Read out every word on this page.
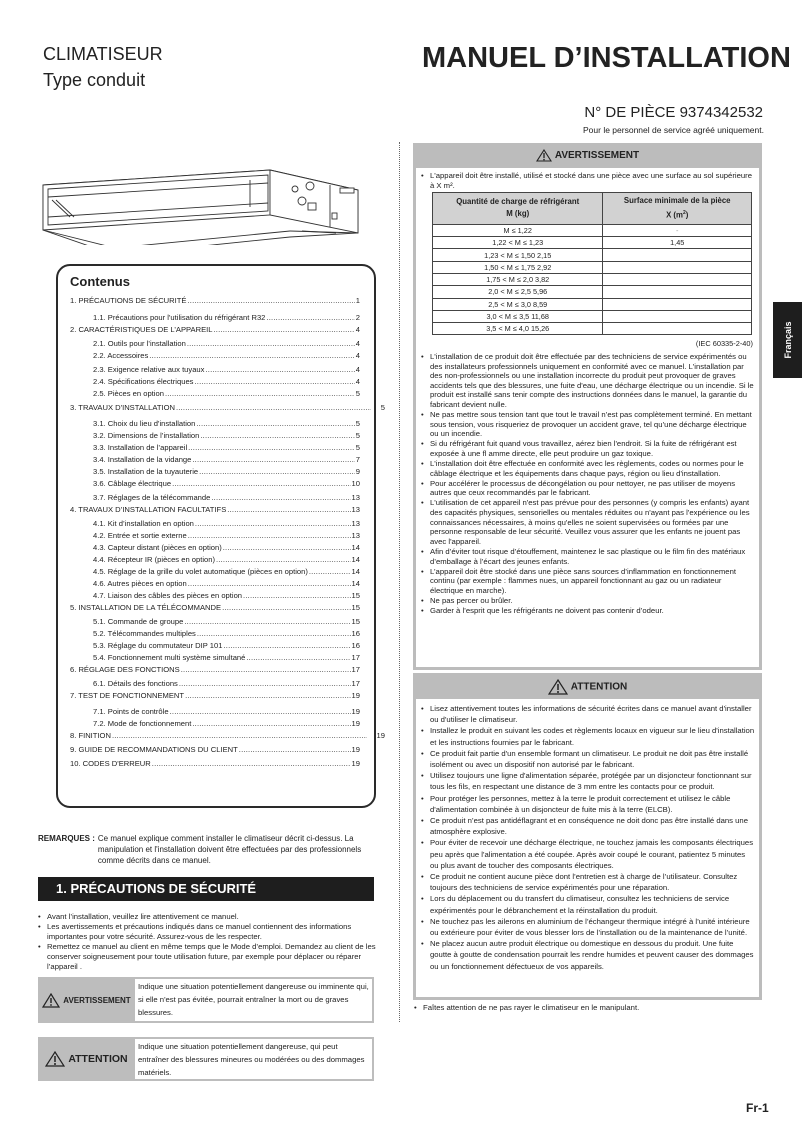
CLIMATISEUR
Type conduit
MANUEL D’INSTALLATION
N° DE PIÈCE 9374342532
Pour le personnel de service agréé uniquement.
Contenus
1. PRÉCAUTIONS DE SÉCURITÉ .....	1
1.1. Précautions pour l'utilisation du réfrigérant R32 .....	2
2. CARACTÉRISTIQUES DE L’APPAREIL .....	4
2.1. Outils pour l’installation .....	4
2.2. Accessoires .....	4
2.3. Exigence relative aux tuyaux .....	4
2.4. Spécifications électriques .....	4
2.5. Pièces en option .....	5
3. TRAVAUX D'INSTALLATION .....	5
3.1. Choix du lieu d'installation .....	5
3.2. Dimensions de l’installation .....	5
3.3. Installation de l’appareil .....	5
3.4. Installation de la vidange .....	7
3.5. Installation de la tuyauterie .....	9
3.6. Câblage électrique .....	10
3.7. Réglages de la télécommande .....	13
4. TRAVAUX D’INSTALLATION FACULTATIFS .....	13
4.1. Kit d’installation en option .....	13
4.2. Entrée et sortie externe .....	13
4.3. Capteur distant (pièces en option) .....	14
4.4. Récepteur IR (pièces en option) .....	14
4.5. Réglage de la grille du volet automatique (pièces en option) .....	14
4.6. Autres pièces en option .....	14
4.7. Liaison des câbles des pièces en option .....	15
5. INSTALLATION DE LA TÉLÉCOMMANDE .....	15
5.1. Commande de groupe .....	15
5.2. Télécommandes multiples .....	16
5.3. Réglage du commutateur DIP 101 .....	16
5.4. Fonctionnement multi système simultané .....	17
6. RÉGLAGE DES FONCTIONS .....	17
6.1. Détails des fonctions .....	17
7. TEST DE FONCTIONNEMENT .....	19
7.1. Points de contrôle .....	19
7.2. Mode de fonctionnement .....	19
8. FINITION .....	19
9. GUIDE DE RECOMMANDATIONS DU CLIENT .....	19
10. CODES D'ERREUR .....	19
REMARQUES : Ce manuel explique comment installer le climatiseur décrit ci-dessus. La manipulation et l'installation doivent être effectuées par des professionnels comme décrits dans ce manuel.
1. PRÉCAUTIONS DE SÉCURITÉ
• Avant l’installation, veuillez lire attentivement ce manuel.
• Les avertissements et précautions indiqués dans ce manuel contiennent des informations importantes pour votre sécurité. Assurez-vous de les respecter.
• Remettez ce manuel au client en même temps que le Mode d’emploi. Demandez au client de les conserver soigneusement pour toute utilisation future, par exemple pour déplacer ou réparer l’appareil .
AVERTISSEMENT
Indique une situation potentiellement dangereuse ou imminente qui, si elle n'est pas évitée, pourrait entraîner la mort ou de graves blessures.
ATTENTION
Indique une situation potentiellement dangereuse, qui peut entraîner des blessures mineures ou modérées ou des dommages matériels.
AVERTISSEMENT
• L'appareil doit être installé, utilisé et stocké dans une pièce avec une surface au sol supérieure à X m².
Quantité de charge de réfrigérant
M (kg)	Surface minimale de la pièce
X $(m^2)$
M ≤ 1,22	-
1,22 < M ≤ 1,23	1,45
1,23 < M ≤ 1,50 2,15	
1,50 < M ≤ 1,75 2,92	
1,75 < M ≤ 2,0 3,82	
2,0 < M ≤ 2,5 5,96	
2,5 < M ≤ 3,0 8,59	
3,0 < M ≤ 3,5 11,68	
3,5 < M ≤ 4,0 15,26	
(IEC 60335-2-40)
• L'installation de ce produit doit être effectuée par des techniciens de service expérimentés ou des installateurs professionnels uniquement en conformité avec ce manuel. L'installation par des non-professionnels ou une installation incorrecte du produit peut provoquer de graves accidents tels que des blessures, une fuite d'eau, une décharge électrique ou un incendie. Si le produit est installé sans tenir compte des instructions données dans le manuel, la garantie du fabricant devient nulle.
• Ne pas mettre sous tension tant que tout le travail n’est pas complètement terminé. En mettant sous tension, vous risqueriez de provoquer un accident grave, tel qu’une décharge électrique ou un incendie.
• Si du réfrigérant fuit quand vous travaillez, aérez bien l'endroit. Si la fuite de réfrigérant est exposée à une fl amme directe, elle peut produire un gaz toxique.
• L'installation doit être effectuée en conformité avec les règlements, codes ou normes pour le câblage électrique et les équipements dans chaque pays, région ou lieu d'installation.
• Pour accélérer le processus de décongélation ou pour nettoyer, ne pas utiliser de moyens autres que ceux recommandés par le fabricant.
• L'utilisation de cet appareil n'est pas prévue pour des personnes (y compris les enfants) ayant des capacités physiques, sensorielles ou mentales réduites ou n'ayant pas l'expérience ou les connaissances nécessaires, à moins qu'elles ne soient supervisées ou formées par une personne responsable de leur sécurité. Veuillez vous assurer que les enfants ne jouent pas avec l'appareil.
• Afin d’éviter tout risque d’étouffement, maintenez le sac plastique ou le film fin des matériaux d’emballage à l’écart des jeunes enfants.
• L’appareil doit être stocké dans une pièce sans sources d’inflammation en fonctionnement continu (par exemple : flammes nues, un appareil fonctionnant au gaz ou un radiateur électrique en marche).
• Ne pas percer ou brûler.
• Garder à l’esprit que les réfrigérants ne doivent pas contenir d’odeur.
ATTENTION
• Lisez attentivement toutes les informations de sécurité écrites dans ce manuel avant d'installer ou d'utiliser le climatiseur.
• Installez le produit en suivant les codes et règlements locaux en vigueur sur le lieu d'installation et les instructions fournies par le fabricant.
• Ce produit fait partie d'un ensemble formant un climatiseur. Le produit ne doit pas être installé isolément ou avec un dispositif non autorisé par le fabricant.
• Utilisez toujours une ligne d'alimentation séparée, protégée par un disjoncteur fonctionnant sur tous les fils, en respectant une distance de 3 mm entre les contacts pour ce produit.
• Pour protéger les personnes, mettez à la terre le produit correctement et utilisez le câble d'alimentation combinée à un disjoncteur de fuite mis à la terre (ELCB).
• Ce produit n’est pas antidéflagrant et en conséquence ne doit donc pas être installé dans une atmosphère explosive.
• Pour éviter de recevoir une décharge électrique, ne touchez jamais les composants électriques peu après que l'alimentation a été coupée. Après avoir coupé le courant, patientez 5 minutes ou plus avant de toucher des composants électriques.
• Ce produit ne contient aucune pièce dont l’entretien est à charge de l’utilisateur. Consultez toujours des techniciens de service expérimentés pour une réparation.
• Lors du déplacement ou du transfert du climatiseur, consultez les techniciens de service expérimentés pour le débranchement et la réinstallation du produit.
• Ne touchez pas les ailerons en aluminium de l’échangeur thermique intégré à l’unité intérieure ou extérieure pour éviter de vous blesser lors de l’installation ou de la maintenance de l’unité.
• Ne placez aucun autre produit électrique ou domestique en dessous du produit. Une fuite goutte à goutte de condensation pourrait les rendre humides et peuvent causer des dommages ou un fonctionnement défectueux de vos appareils.
• Faîtes attention de ne pas rayer le climatiseur en le manipulant.
Français
Fr-1
